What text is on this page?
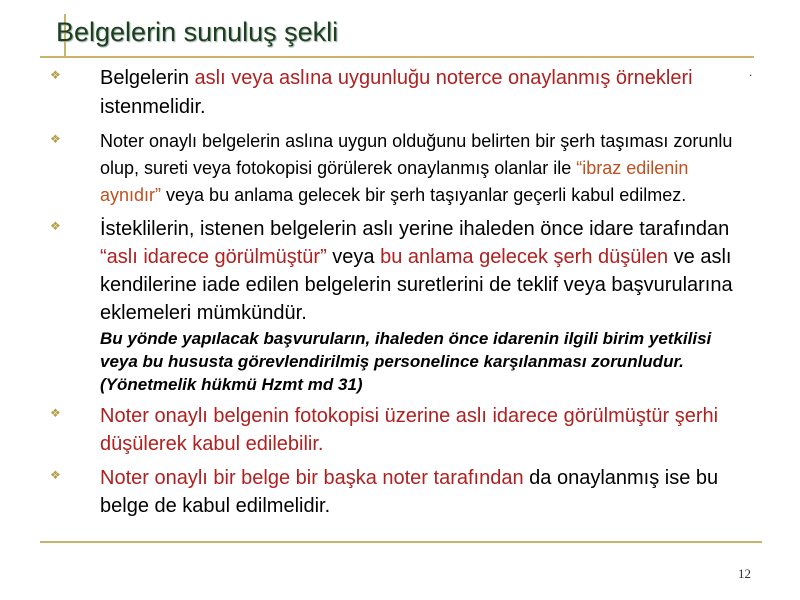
Belgelerin sunuluş şekli
.
❖ Belgelerin aslı veya aslına uygunluğu noterce onaylanmış örnekleri istenmelidir.

❖ Noter onaylı belgelerin aslına uygun olduğunu belirten bir şerh taşıması zorunlu olup, sureti veya fotokopisi görülerek onaylanmış olanlar ile “ibraz edilenin aynıdır” veya bu anlama gelecek bir şerh taşıyanlar geçerli kabul edilmez.

❖ İsteklilerin, istenen belgelerin aslı yerine ihaleden önce idare tarafından “aslı idarece görülmüştür” veya bu anlama gelecek şerh düşülen ve aslı kendilerine iade edilen belgelerin suretlerini de teklif veya başvurularına eklemeleri mümkündür.

Bu yönde yapılacak başvuruların, ihaleden önce idarenin ilgili birim yetkilisi veya bu hususta görevlendirilmiş personelince karşılanması zorunludur. (Yönetmelik hükmü Hzmt md 31)

❖ Noter onaylı belgenin fotokopisi üzerine aslı idarece görülmüştür şerhi düşülerek kabul edilebilir.

❖ Noter onaylı bir belge bir başka noter tarafından da onaylanmış ise bu belge de kabul edilmelidir.

12
